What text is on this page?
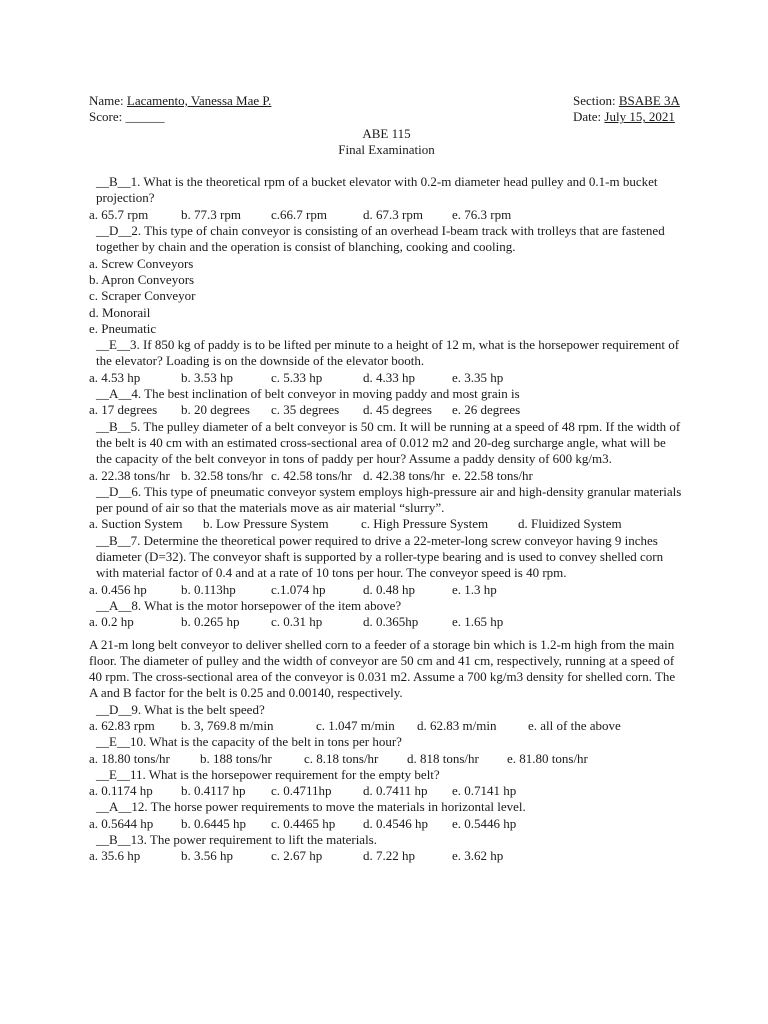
Name: Lacamento, Vanessa Mae P.	Section: BSABE 3A
Score: ______	Date: July 15, 2021
ABE 115
Final Examination
__B__1. What is the theoretical rpm of a bucket elevator with 0.2-m diameter head pulley and 0.1-m bucket projection?
a. 65.7 rpm	b. 77.3 rpm	c.66.7 rpm	d. 67.3 rpm	e. 76.3 rpm
__D__2. This type of chain conveyor is consisting of an overhead I-beam track with trolleys that are fastened together by chain and the operation is consist of blanching, cooking and cooling.
a. Screw Conveyors
b. Apron Conveyors
c. Scraper Conveyor
d. Monorail
e. Pneumatic
__E__3. If 850 kg of paddy is to be lifted per minute to a height of 12 m, what is the horsepower requirement of the elevator? Loading is on the downside of the elevator booth.
a. 4.53 hp	b. 3.53 hp	c. 5.33 hp	d. 4.33 hp	e. 3.35 hp
__A__4. The best inclination of belt conveyor in moving paddy and most grain is
a. 17 degrees	b. 20 degrees	c. 35 degrees	d. 45 degrees	e. 26 degrees
__B__5. The pulley diameter of a belt conveyor is 50 cm. It will be running at a speed of 48 rpm. If the width of the belt is 40 cm with an estimated cross-sectional area of 0.012 m2 and 20-deg surcharge angle, what will be the capacity of the belt conveyor in tons of paddy per hour? Assume a paddy density of 600 kg/m3.
a. 22.38 tons/hr b. 32.58 tons/hr c. 42.58 tons/hr d. 42.38 tons/hr e. 22.58 tons/hr
__D__6. This type of pneumatic conveyor system employs high-pressure air and high-density granular materials per pound of air so that the materials move as air material “slurry”.
a. Suction System	b. Low Pressure System	c. High Pressure System	d. Fluidized System
__B__7. Determine the theoretical power required to drive a 22-meter-long screw conveyor having 9 inches diameter (D=32). The conveyor shaft is supported by a roller-type bearing and is used to convey shelled corn with material factor of 0.4 and at a rate of 10 tons per hour. The conveyor speed is 40 rpm.
a. 0.456 hp	b. 0.113hp	c.1.074 hp	d. 0.48 hp	e. 1.3 hp
__A__8. What is the motor horsepower of the item above?
a. 0.2 hp	b. 0.265 hp	c. 0.31 hp	d. 0.365hp	e. 1.65 hp
A 21-m long belt conveyor to deliver shelled corn to a feeder of a storage bin which is 1.2-m high from the main floor. The diameter of pulley and the width of conveyor are 50 cm and 41 cm, respectively, running at a speed of 40 rpm. The cross-sectional area of the conveyor is 0.031 m2. Assume a 700 kg/m3 density for shelled corn. The A and B factor for the belt is 0.25 and 0.00140, respectively.
__D__9. What is the belt speed?
a. 62.83 rpm	b. 3, 769.8 m/min	c. 1.047 m/min	d. 62.83 m/min	e. all of the above
__E__10. What is the capacity of the belt in tons per hour?
a. 18.80 tons/hr	b. 188 tons/hr	c. 8.18 tons/hr	d. 818 tons/hr	e. 81.80 tons/hr
__E__11. What is the horsepower requirement for the empty belt?
a. 0.1174 hp	b. 0.4117 hp	c. 0.4711hp	d. 0.7411 hp	e. 0.7141 hp
__A__12. The horse power requirements to move the materials in horizontal level.
a. 0.5644 hp	b. 0.6445 hp	c. 0.4465 hp	d. 0.4546 hp	e. 0.5446 hp
__B__13. The power requirement to lift the materials.
a. 35.6 hp	b. 3.56 hp	c. 2.67 hp	d. 7.22 hp	e. 3.62 hp
